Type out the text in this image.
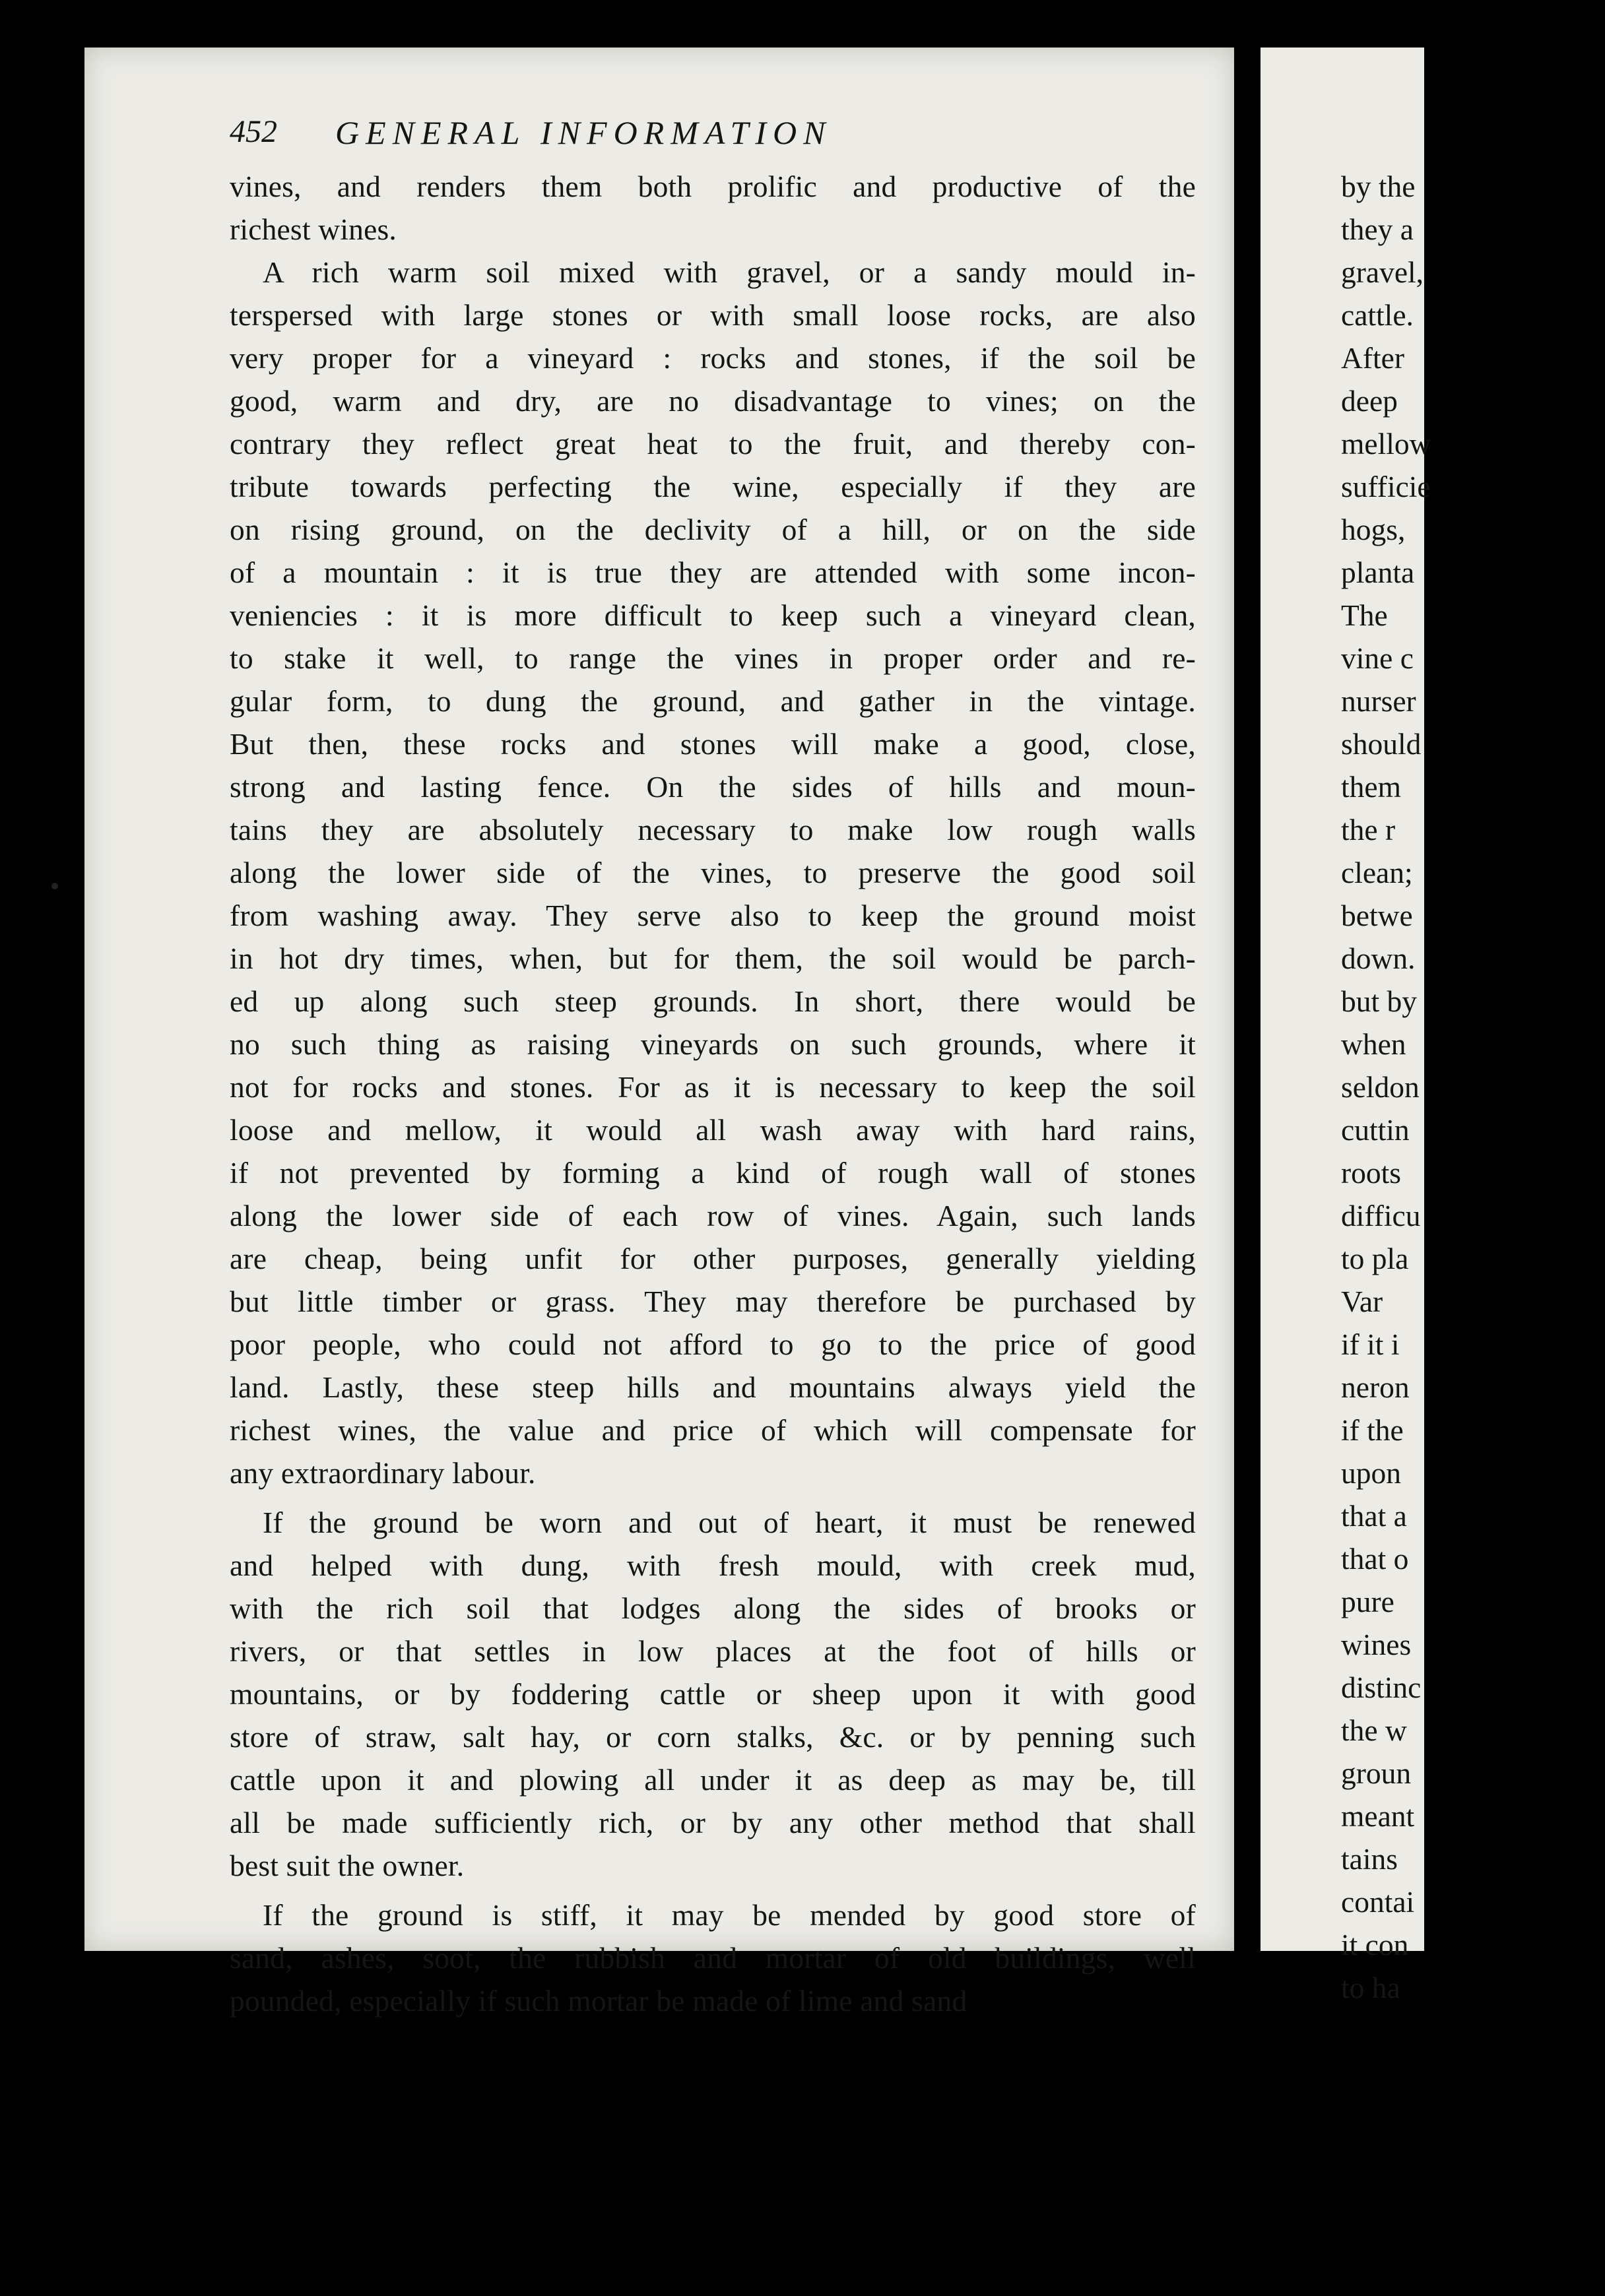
452 GENERAL INFORMATION
vines, and renders them both prolific and productive of the
richest wines.
A rich warm soil mixed with gravel, or a sandy mould in-
terspersed with large stones or with small loose rocks, are also
very proper for a vineyard : rocks and stones, if the soil be
good, warm and dry, are no disadvantage to vines; on the
contrary they reflect great heat to the fruit, and thereby con-
tribute towards perfecting the wine, especially if they are
on rising ground, on the declivity of a hill, or on the side
of a mountain : it is true they are attended with some incon-
veniencies : it is more difficult to keep such a vineyard clean,
to stake it well, to range the vines in proper order and re-
gular form, to dung the ground, and gather in the vintage.
But then, these rocks and stones will make a good, close,
strong and lasting fence. On the sides of hills and moun-
tains they are absolutely necessary to make low rough walls
along the lower side of the vines, to preserve the good soil
from washing away. They serve also to keep the ground moist
in hot dry times, when, but for them, the soil would be parch-
ed up along such steep grounds. In short, there would be
no such thing as raising vineyards on such grounds, where it
not for rocks and stones. For as it is necessary to keep the soil
loose and mellow, it would all wash away with hard rains,
if not prevented by forming a kind of rough wall of stones
along the lower side of each row of vines. Again, such lands
are cheap, being unfit for other purposes, generally yielding
but little timber or grass. They may therefore be purchased by
poor people, who could not afford to go to the price of good
land. Lastly, these steep hills and mountains always yield the
richest wines, the value and price of which will compensate for
any extraordinary labour.
If the ground be worn and out of heart, it must be renewed
and helped with dung, with fresh mould, with creek mud,
with the rich soil that lodges along the sides of brooks or
rivers, or that settles in low places at the foot of hills or
mountains, or by foddering cattle or sheep upon it with good
store of straw, salt hay, or corn stalks, &c. or by penning such
cattle upon it and plowing all under it as deep as may be, till
all be made sufficiently rich, or by any other method that shall
best suit the owner.
If the ground is stiff, it may be mended by good store of
sand, ashes, soot, the rubbish and mortar of old buildings, well
pounded, especially if such mortar be made of lime and sand
by the
they a
gravel,
cattle.
After
deep
mellow
sufficie
hogs,
planta
The
vine c
nurser
should
them
the r
clean;
betwe
down.
but by
when
seldon
cuttin
roots
difficu
to pla
Var
if it i
neron
if the
upon
that a
that o
pure
wines
distinc
the w
groun
meant
tains
contai
it con
to ha
